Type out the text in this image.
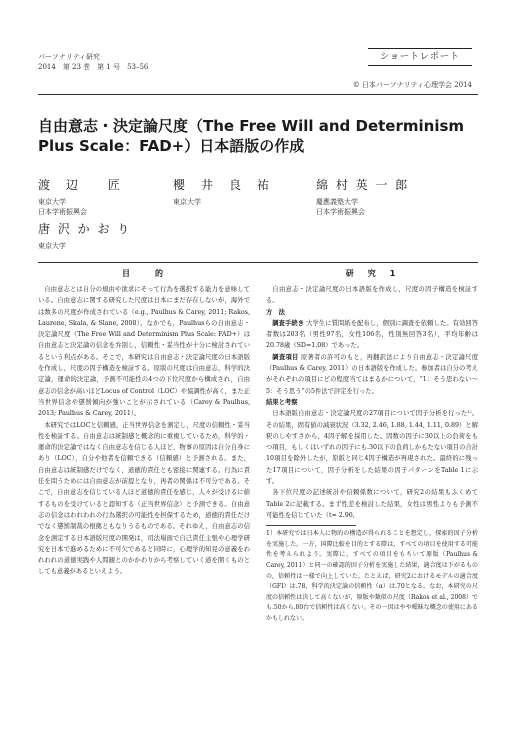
パーソナリティ研究
2014　第 23 巻　第 1 号　53–56
ショートレポート
© 日本パーソナリティ心理学会 2014
自由意志・決定論尺度（The Free Will and Determinism
Plus Scale：FAD+）日本語版の作成
渡　辺　　匠
東京大学
日本学術振興会
櫻　井　良　祐
東京大学
綿 村 英 一 郎
慶應義塾大学
日本学術振興会
唐 沢 か お り
東京大学
目　　的

自由意志とは自分の規由や欲求にそって行為を選択する能力を意味している。自由意志に関する研究した尺度は日本にまだ存在しないが，海外では数多の尺度が作成されている（e.g., Paulhus & Carey, 2011; Rakos, Laurene, Skala, & Slane, 2008）。なかでも，Paulhusらの自由意志・決定論尺度（The Free Will and Determinism Plus Scale: FAD+）は自由意志と決定論の信念を弁別し，信頼性・妥当性が十分に検討されているという利点がある。そこで，本研究は自由意志・決定論尺度の日本語版を作成し，尺度の因子構造を検証する。原版の尺度は自由意志，科学的決定論，運命的決定論，予測不可能性の4つの下位尺度から構成され，自由意志の信念が高いほどLocus of Control（LOC）や協調性が高く，また正当世界信念や懲罰傾向が強いことが示されている（Carey & Paulhus, 2013; Paulhus & Carey, 2011）。

本研究ではLOCと信頼感，正当世界信念を測定し，尺度の信頼性・妥当性を検証する。自由意志は統制感と概念的に重複しているため，科学的・運命的決定論ではなく自由意志を信じる人ほど，物事の原因は自分自身にあり（LOC），自分や他者を信頼できる（信頼感）と予測される。また，自由意志は統制感だけでなく，道徳的責任とも密接に関連する。行為に責任を問うためには自由意志が前提となり，再者の関係は不可分である。そこで，自由意志を信じている人ほど道徳的責任を感じ，人々が受けるに値するものを受けていると認知する（正当世界信念）と予測できる。自由意志の信念はわれわれの行為選択の可能性を担保するため，道徳的責任だけでなく懲罰制裁の根拠ともなりうるものである。それゆえ，自由意志の信念を測定する日本語版尺度の開発は，司法場面で自己責任主張や心理学研究を日本で進めるために不可欠であると同時に，心理学的知見の意義をわれわれの道徳実践や人間観とのかかわりから考察していく道を開くものとしても意義があるといえよう。

研　究　1

自由意志・決定論尺度の日本語版を作成し，尺度の因子構造を検証する。

方　法

調査手続き 大学生に質問紙を配布し，個別に調査を依頼した。有効回答者数は203名（男性97名，女性106名，性別無回答3名），平均年齢は20.78歳（SD=1.08）であった。

調査項目 原著者の許可のもと，再翻訳法により自由意志・決定論尺度（Paulhus & Carey, 2011）の日本語版を作成した。参加者は自分の考えがそれぞれの項目にどの程度当てはまるかについて，“1：そう思わない～5：そう思う”の5件法で評定を行った。

結果と考察

日本語版自由意志・決定論尺度の27項目について因子分析を行った¹⁾。その結果，固有値の減衰状況（3.32, 2.46, 1.88, 1.44, 1.11, 0.89）と解釈のしやすさから，4因子解を採用した。因数の因子に30以上の負荷をもつ項目，もしくはいずれの因子にも.30以下の負荷しかもたない項目の合計10項目を除外したが，原版と同じ4因子構造が再現された。最終的に残った17項目について，因子分析をした結果の因子パターンをTable 1に示す。

各下位尺度の記述統計や信頼係数について，研究2の結果もふくめてTable 2に記載する。まず性差を検討した結果，女性は男性よりも予測不可能性を信じていた（t= 2.96,

1）本研究では日本人に物的の構造が得られることを想定し，探索的因子分析を実施した。一方，国際比較を目的とする際は，すべての項目を使用する可能性を考えられよう。実際に，すべての項目をもちいて原版（Paulhus & Carey, 2011）と同一の確認的因子分析を実施した結果，適合度は下がるものの，信頼性は一様で向上していた。たとえば，研究2におけるモデルの適合度（GFI）は.78，科学的決定論の信頼性（α）は.70となる。なお，本研究の尺度の信頼性は決して高くないが，原版や類似の尺度（Rakos et al., 2008）でも.50から.80台で信頼性は高くない。その一因はやや曖昧な概念の使用にあるかもしれない。
